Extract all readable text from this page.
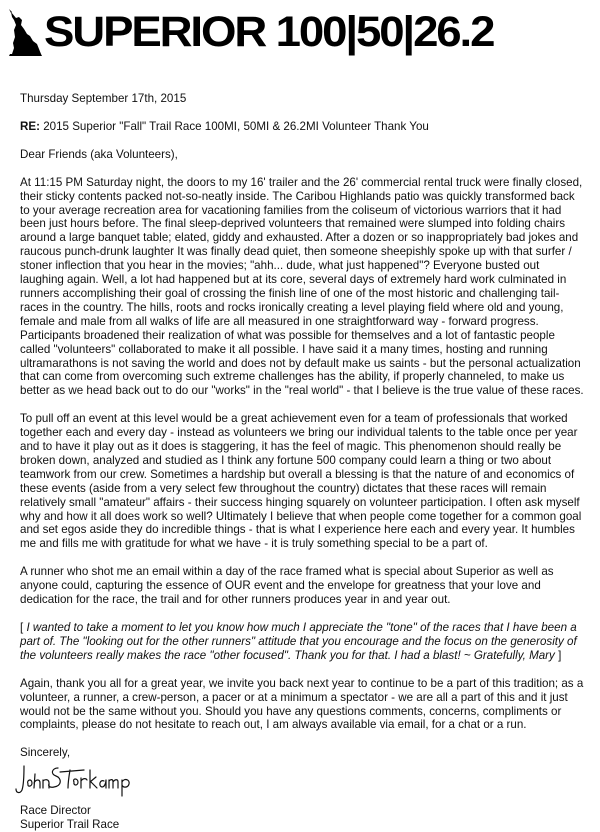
SUPERIOR 100|50|26.2

Thursday September 17th, 2015

RE: 2015 Superior "Fall" Trail Race 100MI, 50MI & 26.2MI Volunteer Thank You

Dear Friends (aka Volunteers),

At 11:15 PM Saturday night, the doors to my 16' trailer and the 26' commercial rental truck were finally closed, their sticky contents packed not-so-neatly inside. The Caribou Highlands patio was quickly transformed back to your average recreation area for vacationing families from the coliseum of victorious warriors that it had been just hours before. The final sleep-deprived volunteers that remained were slumped into folding chairs around a large banquet table; elated, giddy and exhausted. After a dozen or so inappropriately bad jokes and raucous punch-drunk laughter It was finally dead quiet, then someone sheepishly spoke up with that surfer / stoner inflection that you hear in the movies; "ahh... dude, what just happened"? Everyone busted out laughing again. Well, a lot had happened but at its core, several days of extremely hard work culminated in runners accomplishing their goal of crossing the finish line of one of the most historic and challenging tail-races in the country. The hills, roots and rocks ironically creating a level playing field where old and young, female and male from all walks of life are all measured in one straightforward way - forward progress. Participants broadened their realization of what was possible for themselves and a lot of fantastic people called "volunteers" collaborated to make it all possible. I have said it a many times, hosting and running ultramarathons is not saving the world and does not by default make us saints - but the personal actualization that can come from overcoming such extreme challenges has the ability, if properly channeled, to make us better as we head back out to do our "works" in the "real world" - that I believe is the true value of these races.

To pull off an event at this level would be a great achievement even for a team of professionals that worked together each and every day - instead as volunteers we bring our individual talents to the table once per year and to have it play out as it does is staggering, it has the feel of magic. This phenomenon should really be broken down, analyzed and studied as I think any fortune 500 company could learn a thing or two about teamwork from our crew. Sometimes a hardship but overall a blessing is that the nature of and economics of these events (aside from a very select few throughout the country) dictates that these races will remain relatively small "amateur" affairs - their success hinging squarely on volunteer participation. I often ask myself why and how it all does work so well? Ultimately I believe that when people come together for a common goal and set egos aside they do incredible things - that is what I experience here each and every year. It humbles me and fills me with gratitude for what we have - it is truly something special to be a part of.

A runner who shot me an email within a day of the race framed what is special about Superior as well as anyone could, capturing the essence of OUR event and the envelope for greatness that your love and dedication for the race, the trail and for other runners produces year in and year out.

[ I wanted to take a moment to let you know how much I appreciate the "tone" of the races that I have been a part of. The "looking out for the other runners" attitude that you encourage and the focus on the generosity of the volunteers really makes the race "other focused". Thank you for that. I had a blast! ~ Gratefully, Mary ]

Again, thank you all for a great year, we invite you back next year to continue to be a part of this tradition; as a volunteer, a runner, a crew-person, a pacer or at a minimum a spectator - we are all a part of this and it just would not be the same without you. Should you have any questions comments, concerns, compliments or complaints, please do not hesitate to reach out, I am always available via email, for a chat or a run.

Sincerely,

Race Director

Superior Trail Race
